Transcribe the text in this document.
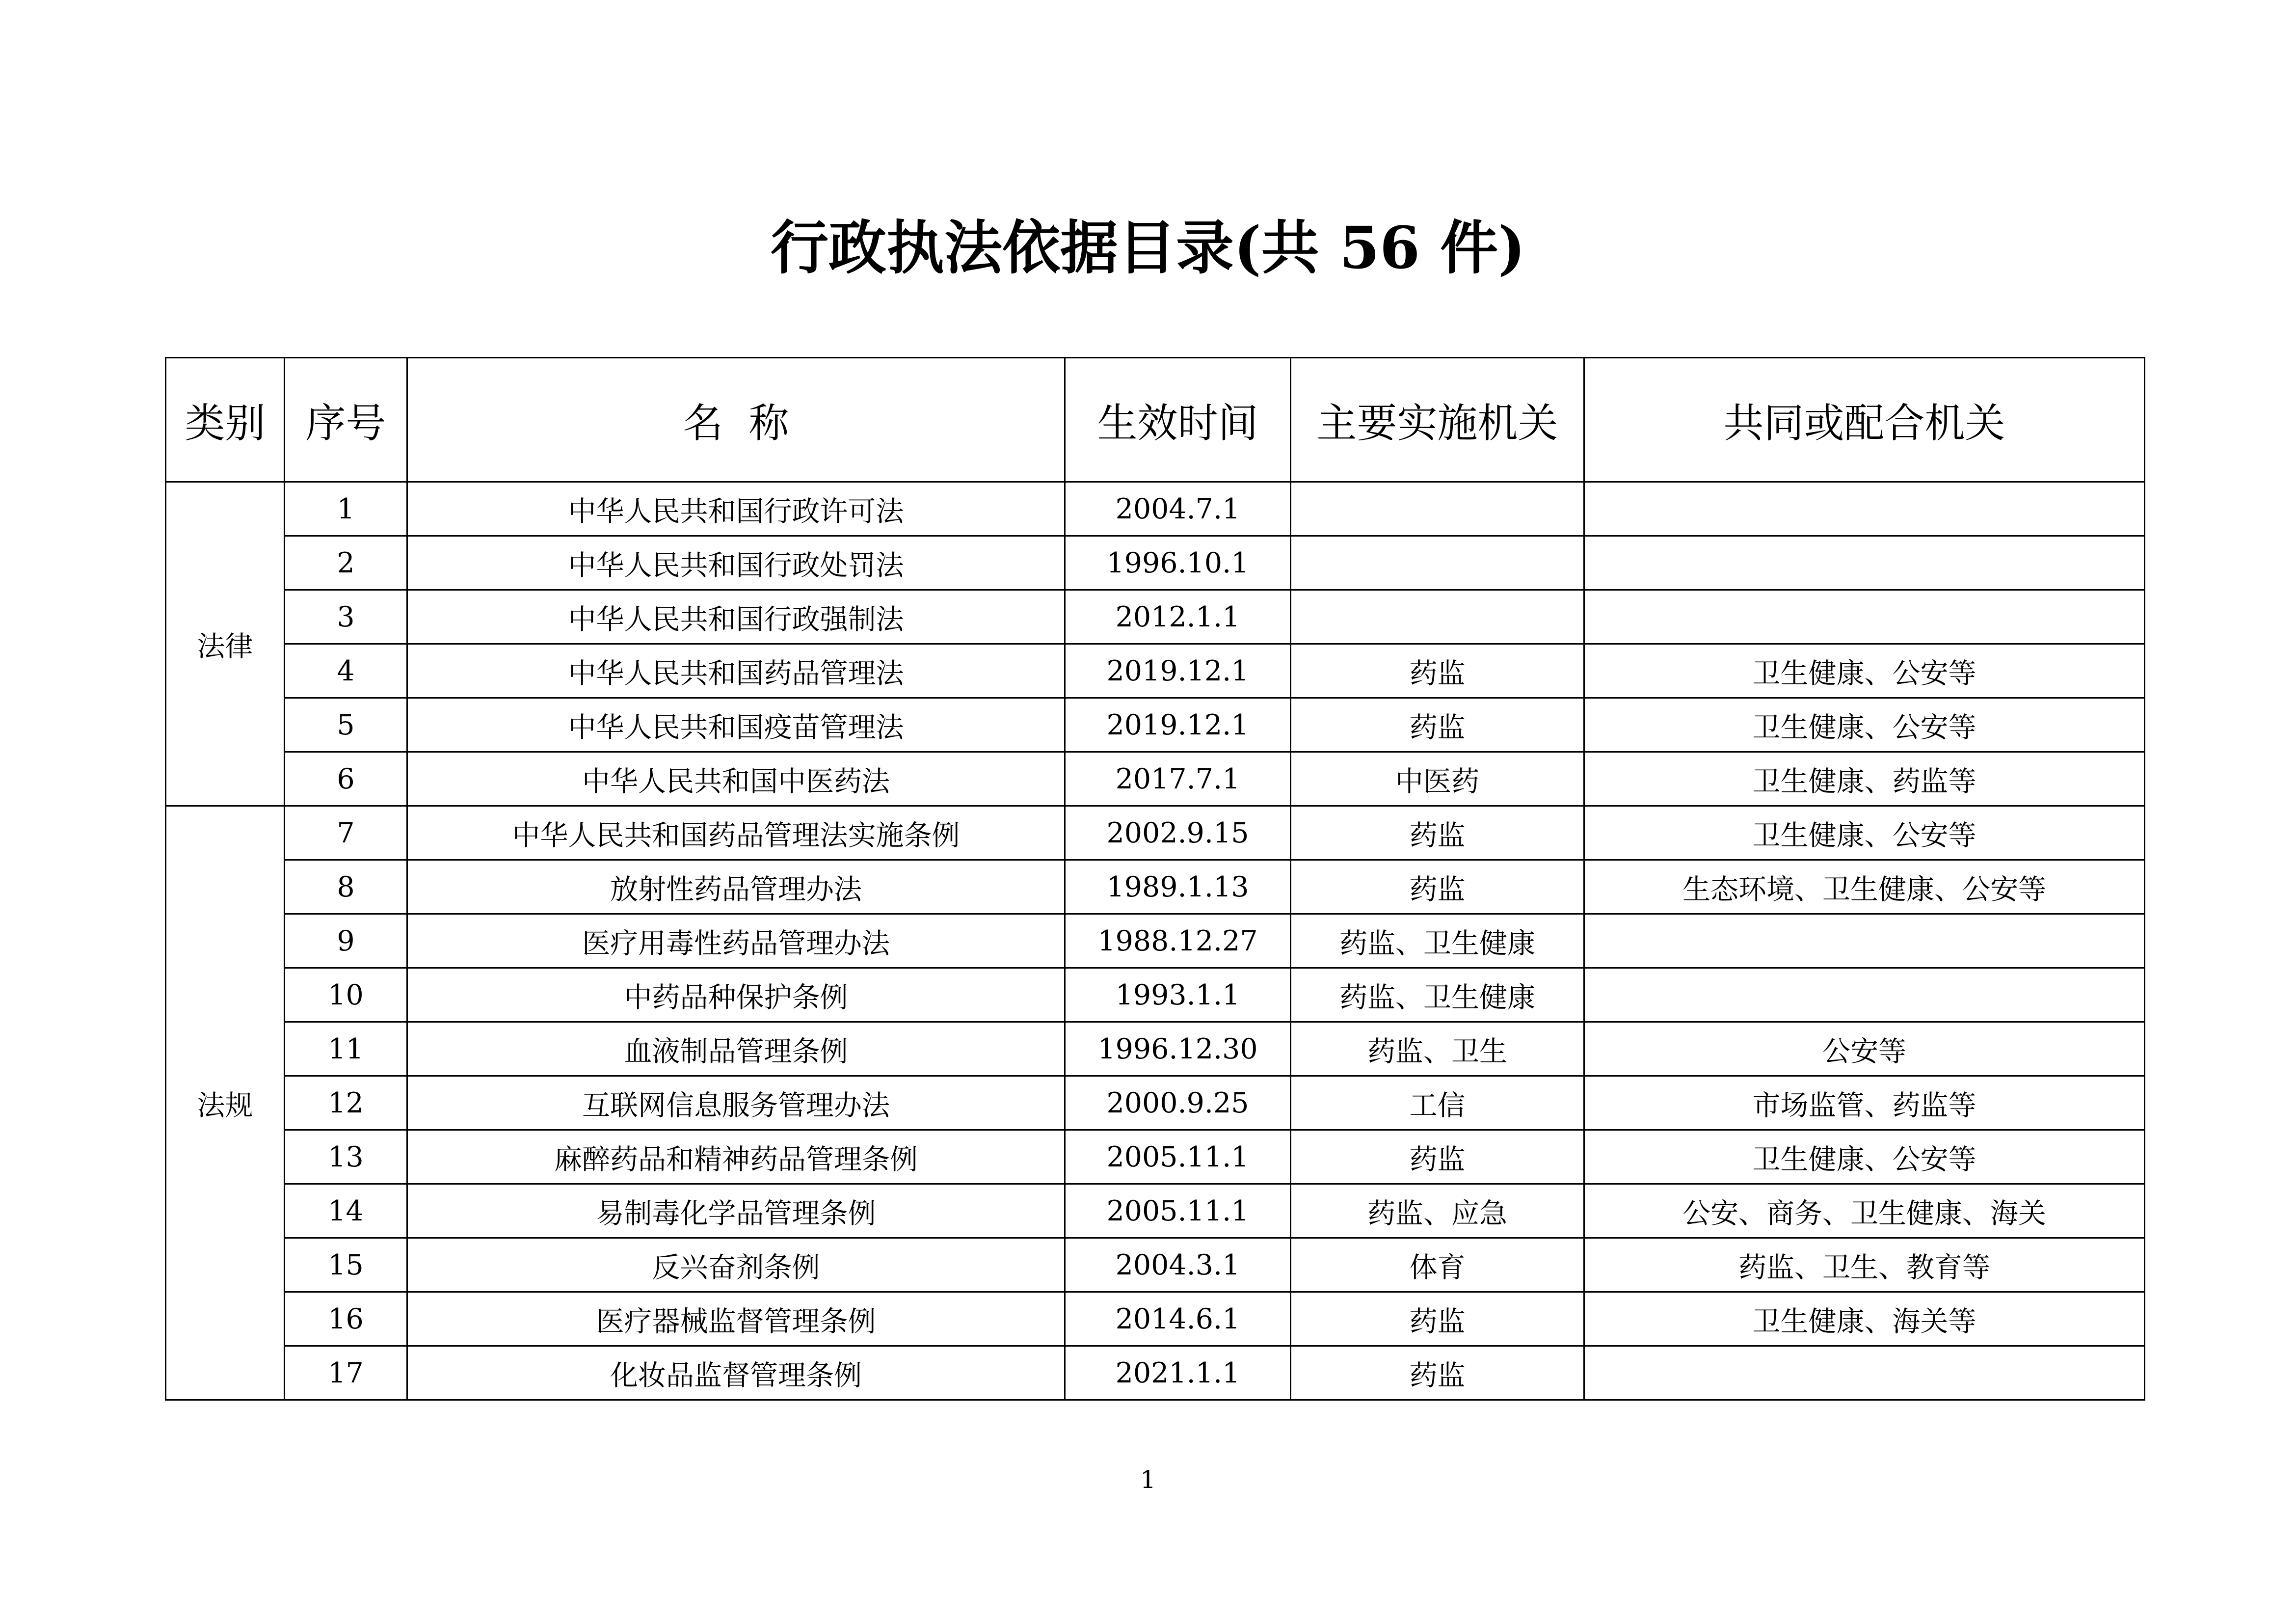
行政执法依据目录(共 56 件)
类别	序号	名  称	生效时间	主要实施机关	共同或配合机关
法律	1	中华人民共和国行政许可法	2004.7.1		
	2	中华人民共和国行政处罚法	1996.10.1		
	3	中华人民共和国行政强制法	2012.1.1		
	4	中华人民共和国药品管理法	2019.12.1	药监	卫生健康、公安等
	5	中华人民共和国疫苗管理法	2019.12.1	药监	卫生健康、公安等
	6	中华人民共和国中医药法	2017.7.1	中医药	卫生健康、药监等
法规	7	中华人民共和国药品管理法实施条例	2002.9.15	药监	卫生健康、公安等
	8	放射性药品管理办法	1989.1.13	药监	生态环境、卫生健康、公安等
	9	医疗用毒性药品管理办法	1988.12.27	药监、卫生健康	
	10	中药品种保护条例	1993.1.1	药监、卫生健康	
	11	血液制品管理条例	1996.12.30	药监、卫生	公安等
	12	互联网信息服务管理办法	2000.9.25	工信	市场监管、药监等
	13	麻醉药品和精神药品管理条例	2005.11.1	药监	卫生健康、公安等
	14	易制毒化学品管理条例	2005.11.1	药监、应急	公安、商务、卫生健康、海关
	15	反兴奋剂条例	2004.3.1	体育	药监、卫生、教育等
	16	医疗器械监督管理条例	2014.6.1	药监	卫生健康、海关等
	17	化妆品监督管理条例	2021.1.1	药监	
1
